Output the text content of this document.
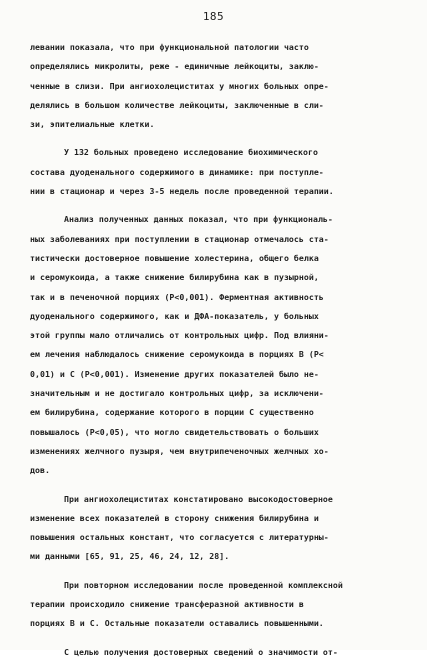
185
левании показала, что при функциональной патологии часто
определялись микролиты, реже - единичные лейкоциты, заклю-
ченные в слизи. При ангиохолециститах у многих больных опре-
делялись в большом количестве лейкоциты, заключенные в сли-
зи, эпителиальные клетки.
У 132 больных проведено исследование биохимического
состава дуоденального содержимого в динамике: при поступле-
нии в стационар и через 3-5 недель после проведенной терапии.
Анализ полученных данных показал, что при функциональ-
ных заболеваниях при поступлении в стационар отмечалось ста-
тистически достоверное повышение холестерина, общего белка
и серомукоида, а также снижение билирубина как в пузырной,
так и в печеночной порциях (Р<0,001). Ферментная активность
дуоденального содержимого, как и ДФА-показатель, у больных
этой группы мало отличались от контрольных цифр. Под влияни-
ем лечения наблюдалось снижение серомукоида в порциях В (Р<
0,01) и С (Р<0,001). Изменение других показателей было не-
значительным и не достигало контрольных цифр, за исключени-
ем билирубина, содержание которого в порции С существенно
повышалось (Р<0,05), что могло свидетельствовать о больших
изменениях желчного пузыря, чем внутрипеченочных желчных хо-
дов.
При ангиохолециститах констатировано высокодостоверное
изменение всех показателей в сторону снижения билирубина и
повышения остальных констант, что согласуется с литературны-
ми данными [65, 91, 25, 46, 24, 12, 28].
При повторном исследовании после проведенной комплексной
терапии происходило снижение трансферазной активности в
порциях В и С. Остальные показатели оставались повышенными.
С целью получения достоверных сведений о значимости от-
